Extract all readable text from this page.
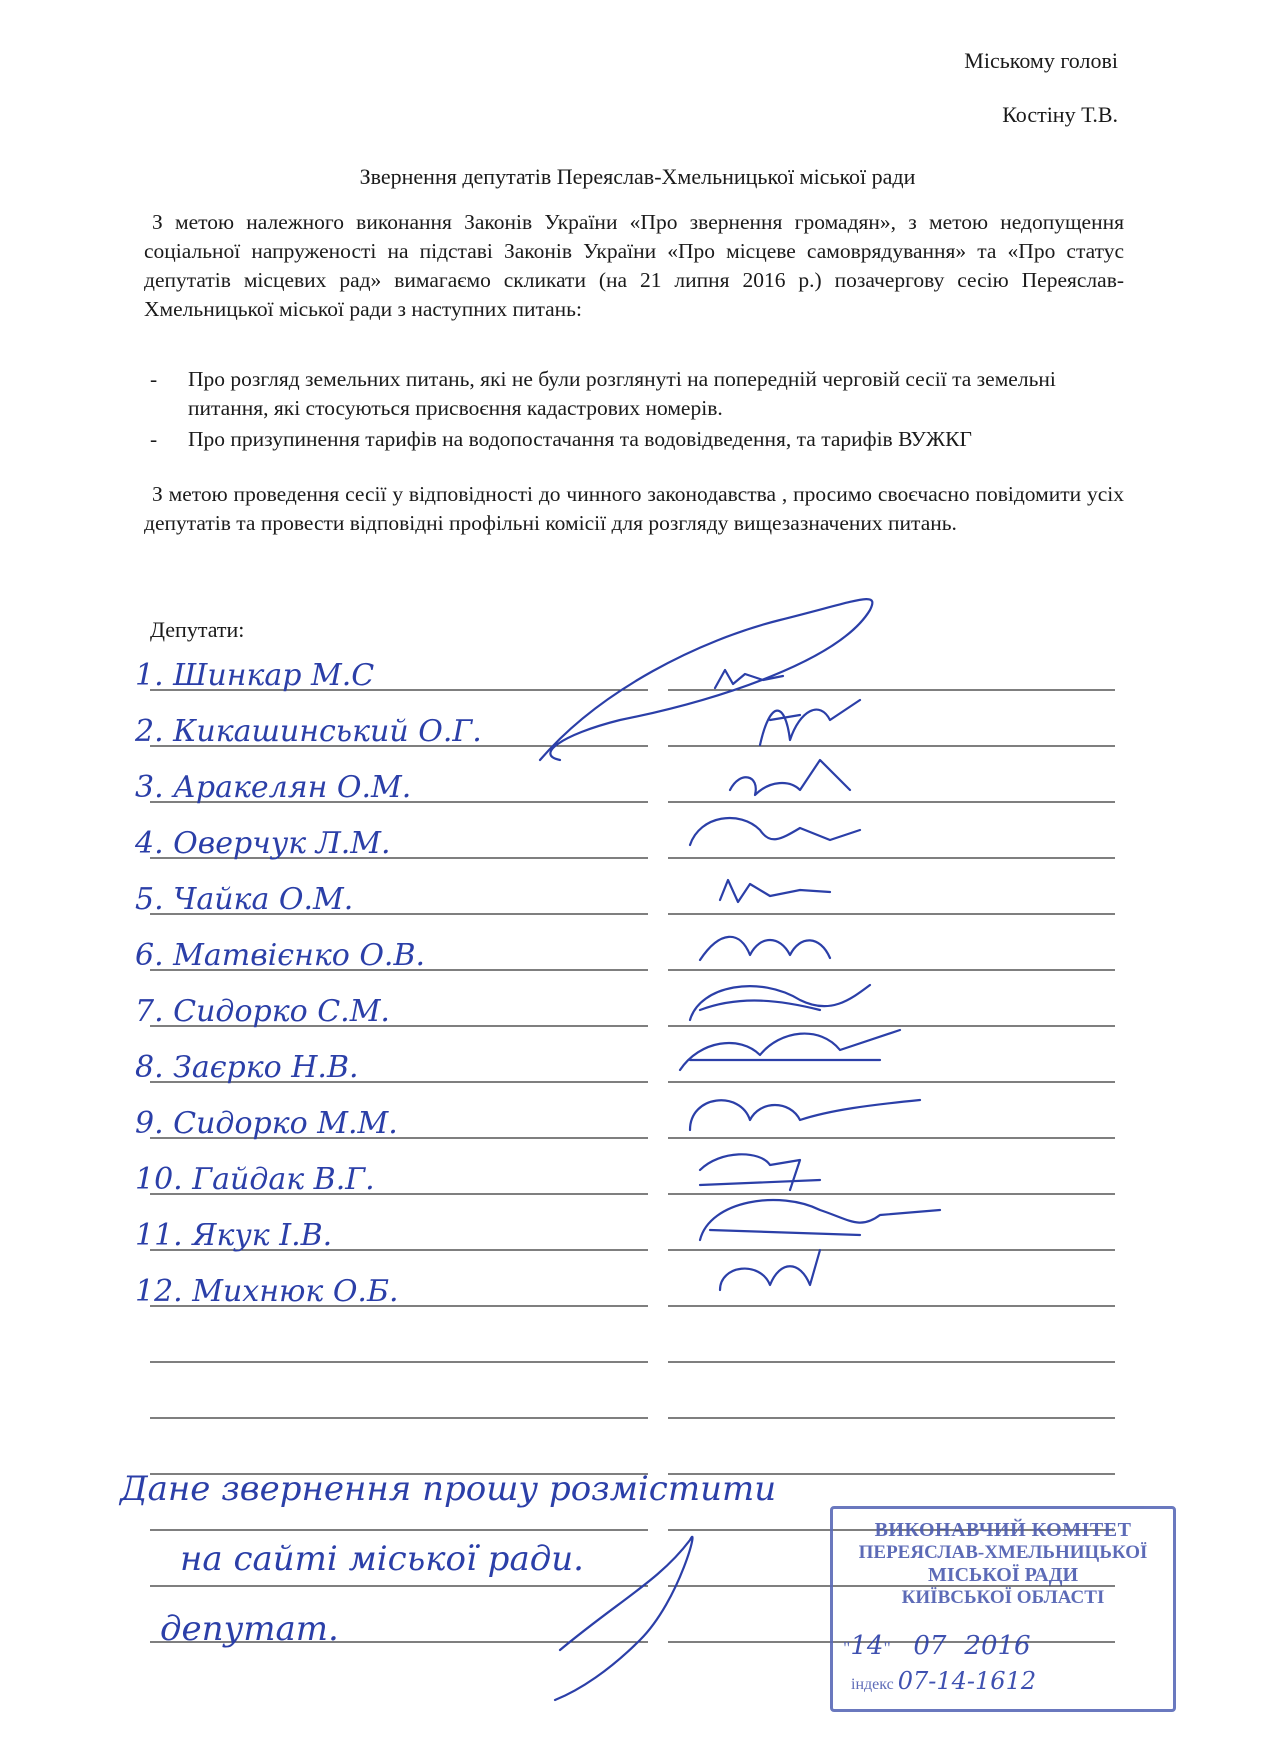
Міському голові
Костіну Т.В.
Звернення депутатів Переяслав-Хмельницької міської ради
З метою належного виконання Законів України «Про звернення громадян», з метою недопущення соціальної напруженості на підставі Законів України «Про місцеве самоврядування» та «Про статус депутатів місцевих рад» вимагаємо скликати (на 21 липня 2016 р.) позачергову сесію Переяслав-Хмельницької міської ради з наступних питань:
- Про розгляд земельних питань, які не були розглянуті на попередній черговій сесії та земельні питання, які стосуються присвоєння кадастрових номерів.
- Про призупинення тарифів на водопостачання та водовідведення, та тарифів ВУЖКГ
З метою проведення сесії у відповідності до чинного законодавства , просимо своєчасно повідомити усіх депутатів та провести відповідні профільні комісії для розгляду вищезазначених питань.
Депутати:
1. Шинкар М.С
2. Кикашинський О.Г.
3. Аракелян О.М.
4. Оверчук Л.М.
5. Чайка О.М.
6. Матвієнко О.В.
7. Сидорко С.М.
8. Заєрко Н.В.
9. Сидорко М.М.
10. Гайдак В.Г.
11. Якук І.В.
12. Михнюк О.Б.
Дане звернення прошу розмістити
на сайті міської ради.
депутат.
ВИКОНАВЧИЙ КОМІТЕТ
ПЕРЕЯСЛАВ-ХМЕЛЬНИЦЬКОЇ
МІСЬКОЇ РАДИ
КИЇВСЬКОЇ ОБЛАСТІ
"14"     07 2016
індекс 07-14-1612
